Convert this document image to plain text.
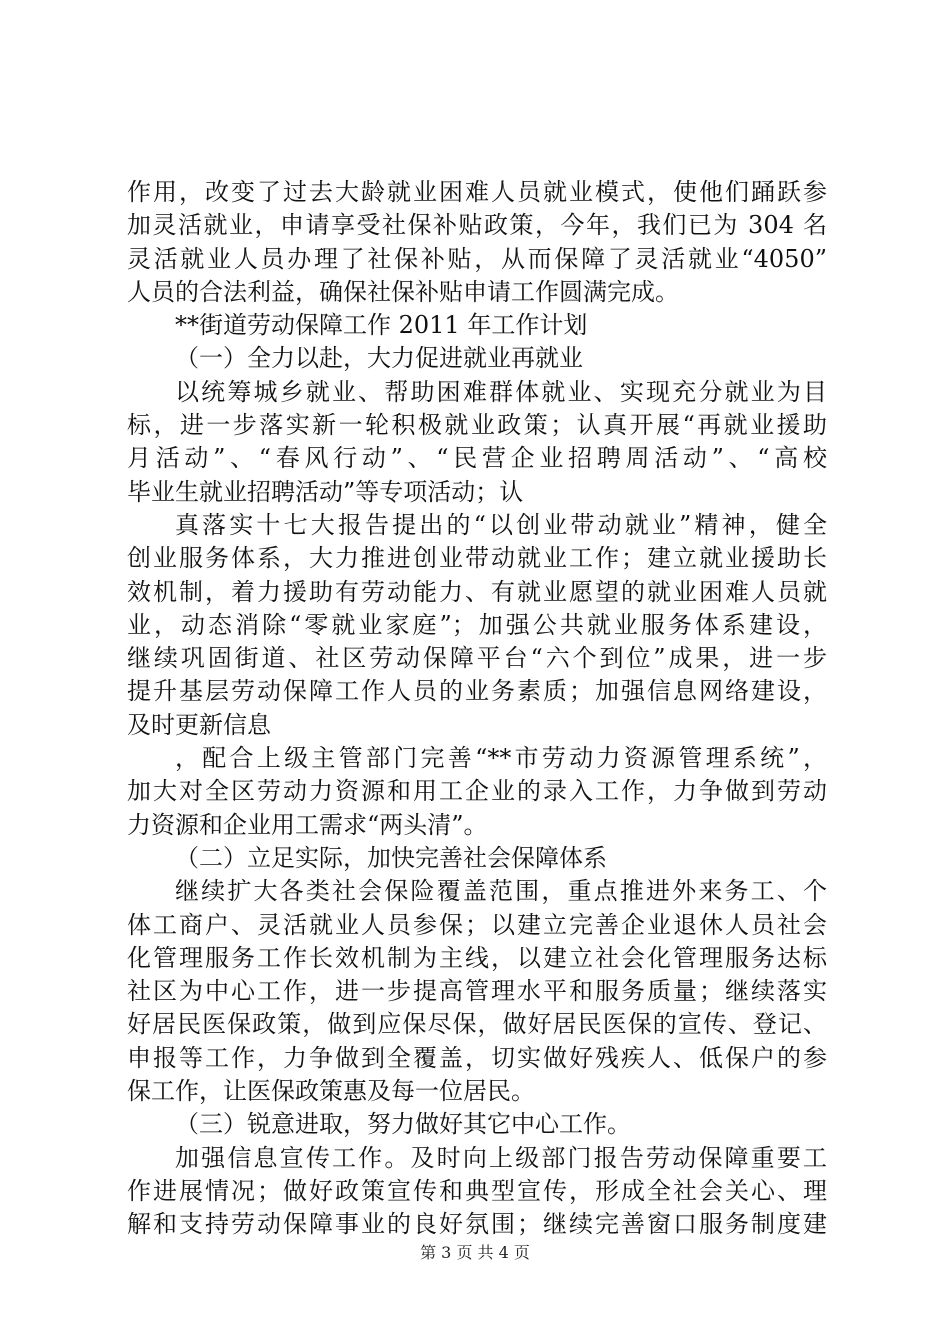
作用，改变了过去大龄就业困难人员就业模式，使他们踊跃参
加灵活就业，申请享受社保补贴政策，今年，我们已为 304 名
灵活就业人员办理了社保补贴，从而保障了灵活就业“4050”
人员的合法利益，确保社保补贴申请工作圆满完成。
**街道劳动保障工作 2011 年工作计划
（一）全力以赴，大力促进就业再就业
以统筹城乡就业、帮助困难群体就业、实现充分就业为目
标，进一步落实新一轮积极就业政策；认真开展“再就业援助
月活动”、“春风行动”、“民营企业招聘周活动”、“高校
毕业生就业招聘活动”等专项活动；认
真落实十七大报告提出的“以创业带动就业”精神，健全
创业服务体系，大力推进创业带动就业工作；建立就业援助长
效机制，着力援助有劳动能力、有就业愿望的就业困难人员就
业，动态消除“零就业家庭”；加强公共就业服务体系建设，
继续巩固街道、社区劳动保障平台“六个到位”成果，进一步
提升基层劳动保障工作人员的业务素质；加强信息网络建设，
及时更新信息
，配合上级主管部门完善“**市劳动力资源管理系统”，
加大对全区劳动力资源和用工企业的录入工作，力争做到劳动
力资源和企业用工需求“两头清”。
（二）立足实际，加快完善社会保障体系
继续扩大各类社会保险覆盖范围，重点推进外来务工、个
体工商户、灵活就业人员参保；以建立完善企业退休人员社会
化管理服务工作长效机制为主线，以建立社会化管理服务达标
社区为中心工作，进一步提高管理水平和服务质量；继续落实
好居民医保政策，做到应保尽保，做好居民医保的宣传、登记、
申报等工作，力争做到全覆盖，切实做好残疾人、低保户的参
保工作，让医保政策惠及每一位居民。
（三）锐意进取，努力做好其它中心工作。
加强信息宣传工作。及时向上级部门报告劳动保障重要工
作进展情况；做好政策宣传和典型宣传，形成全社会关心、理
解和支持劳动保障事业的良好氛围；继续完善窗口服务制度建
第 3 页 共 4 页
